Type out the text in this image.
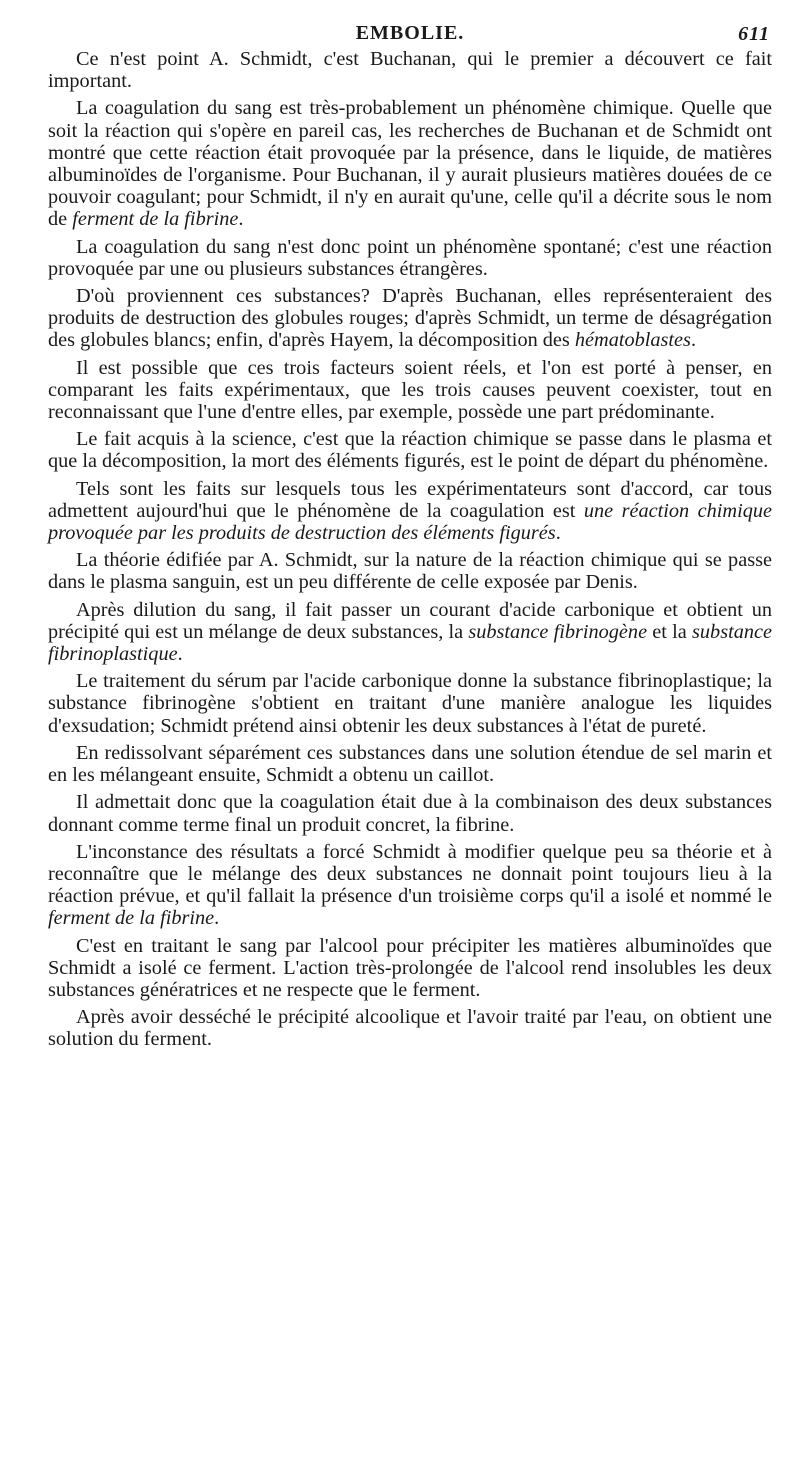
EMBOLIE.	611

Ce n'est point A. Schmidt, c'est Buchanan, qui le premier a découvert ce fait important.

La coagulation du sang est très-probablement un phénomène chimique. Quelle que soit la réaction qui s'opère en pareil cas, les recherches de Buchanan et de Schmidt ont montré que cette réaction était provoquée par la présence, dans le liquide, de matières albuminoïdes de l'organisme. Pour Buchanan, il y aurait plusieurs matières douées de ce pouvoir coagulant; pour Schmidt, il n'y en aurait qu'une, celle qu'il a décrite sous le nom de ferment de la fibrine.

La coagulation du sang n'est donc point un phénomène spontané; c'est une réaction provoquée par une ou plusieurs substances étrangères.

D'où proviennent ces substances? D'après Buchanan, elles représenteraient des produits de destruction des globules rouges; d'après Schmidt, un terme de désagrégation des globules blancs; enfin, d'après Hayem, la décomposition des hématoblastes.

Il est possible que ces trois facteurs soient réels, et l'on est porté à penser, en comparant les faits expérimentaux, que les trois causes peuvent coexister, tout en reconnaissant que l'une d'entre elles, par exemple, possède une part prédominante.

Le fait acquis à la science, c'est que la réaction chimique se passe dans le plasma et que la décomposition, la mort des éléments figurés, est le point de départ du phénomène.

Tels sont les faits sur lesquels tous les expérimentateurs sont d'accord, car tous admettent aujourd'hui que le phénomène de la coagulation est une réaction chimique provoquée par les produits de destruction des éléments figurés.

La théorie édifiée par A. Schmidt, sur la nature de la réaction chimique qui se passe dans le plasma sanguin, est un peu différente de celle exposée par Denis.

Après dilution du sang, il fait passer un courant d'acide carbonique et obtient un précipité qui est un mélange de deux substances, la substance fibrinogène et la substance fibrinoplastique.

Le traitement du sérum par l'acide carbonique donne la substance fibrinoplastique; la substance fibrinogène s'obtient en traitant d'une manière analogue les liquides d'exsudation; Schmidt prétend ainsi obtenir les deux substances à l'état de pureté.

En redissolvant séparément ces substances dans une solution étendue de sel marin et en les mélangeant ensuite, Schmidt a obtenu un caillot.

Il admettait donc que la coagulation était due à la combinaison des deux substances donnant comme terme final un produit concret, la fibrine.

L'inconstance des résultats a forcé Schmidt à modifier quelque peu sa théorie et à reconnaître que le mélange des deux substances ne donnait point toujours lieu à la réaction prévue, et qu'il fallait la présence d'un troisième corps qu'il a isolé et nommé le ferment de la fibrine.

C'est en traitant le sang par l'alcool pour précipiter les matières albuminoïdes que Schmidt a isolé ce ferment. L'action très-prolongée de l'alcool rend insolubles les deux substances génératrices et ne respecte que le ferment.

Après avoir desséché le précipité alcoolique et l'avoir traité par l'eau, on obtient une solution du ferment.
